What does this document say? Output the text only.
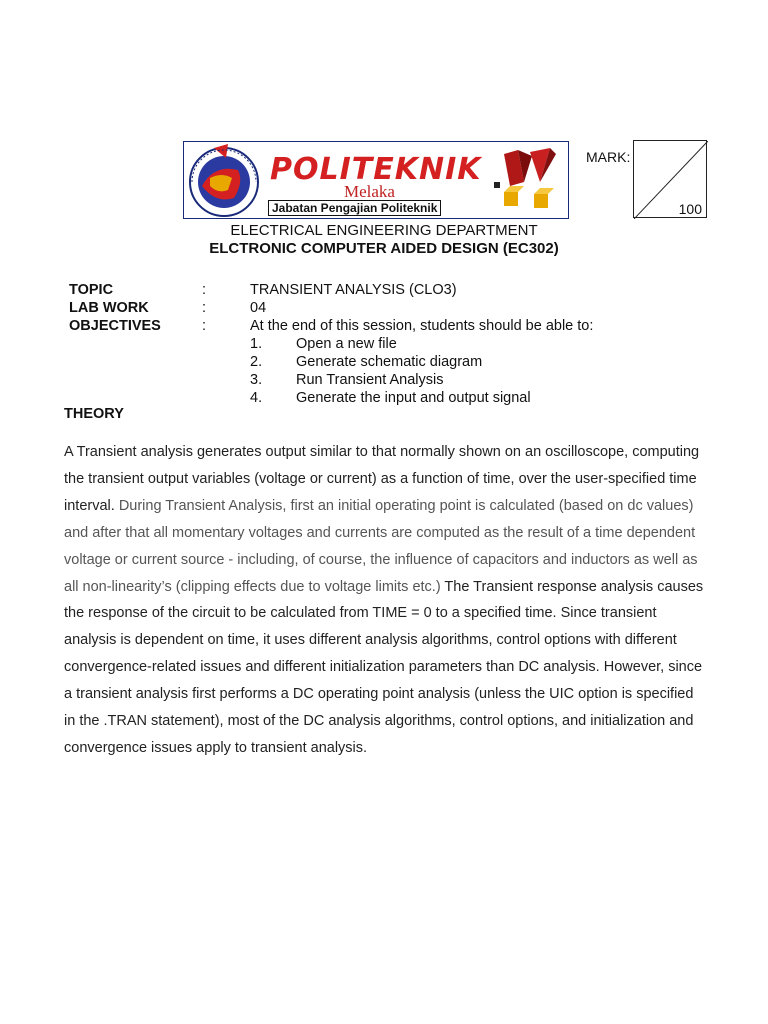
POLITEKNIK
Melaka
Jabatan Pengajian Politeknik
MARK:
100
ELECTRICAL ENGINEERING DEPARTMENT
ELCTRONIC COMPUTER AIDED DESIGN (EC302)
TOPIC	:	TRANSIENT ANALYSIS (CLO3)
LAB WORK	:	04
OBJECTIVES	:	At the end of this session, students should be able to:
1. Open a new file
2. Generate schematic diagram
3. Run Transient Analysis
4. Generate the input and output signal
THEORY
A Transient analysis generates output similar to that normally shown on an oscilloscope, computing the transient output variables (voltage or current) as a function of time, over the user-specified time interval. During Transient Analysis, first an initial operating point is calculated (based on dc values) and after that all momentary voltages and currents are computed as the result of a time dependent voltage or current source - including, of course, the influence of capacitors and inductors as well as all non-linearity’s (clipping effects due to voltage limits etc.) The Transient response analysis causes the response of the circuit to be calculated from TIME = 0 to a specified time. Since transient analysis is dependent on time, it uses different analysis algorithms, control options with different convergence-related issues and different initialization parameters than DC analysis. However, since a transient analysis first performs a DC operating point analysis (unless the UIC option is specified in the .TRAN statement), most of the DC analysis algorithms, control options, and initialization and convergence issues apply to transient analysis.
